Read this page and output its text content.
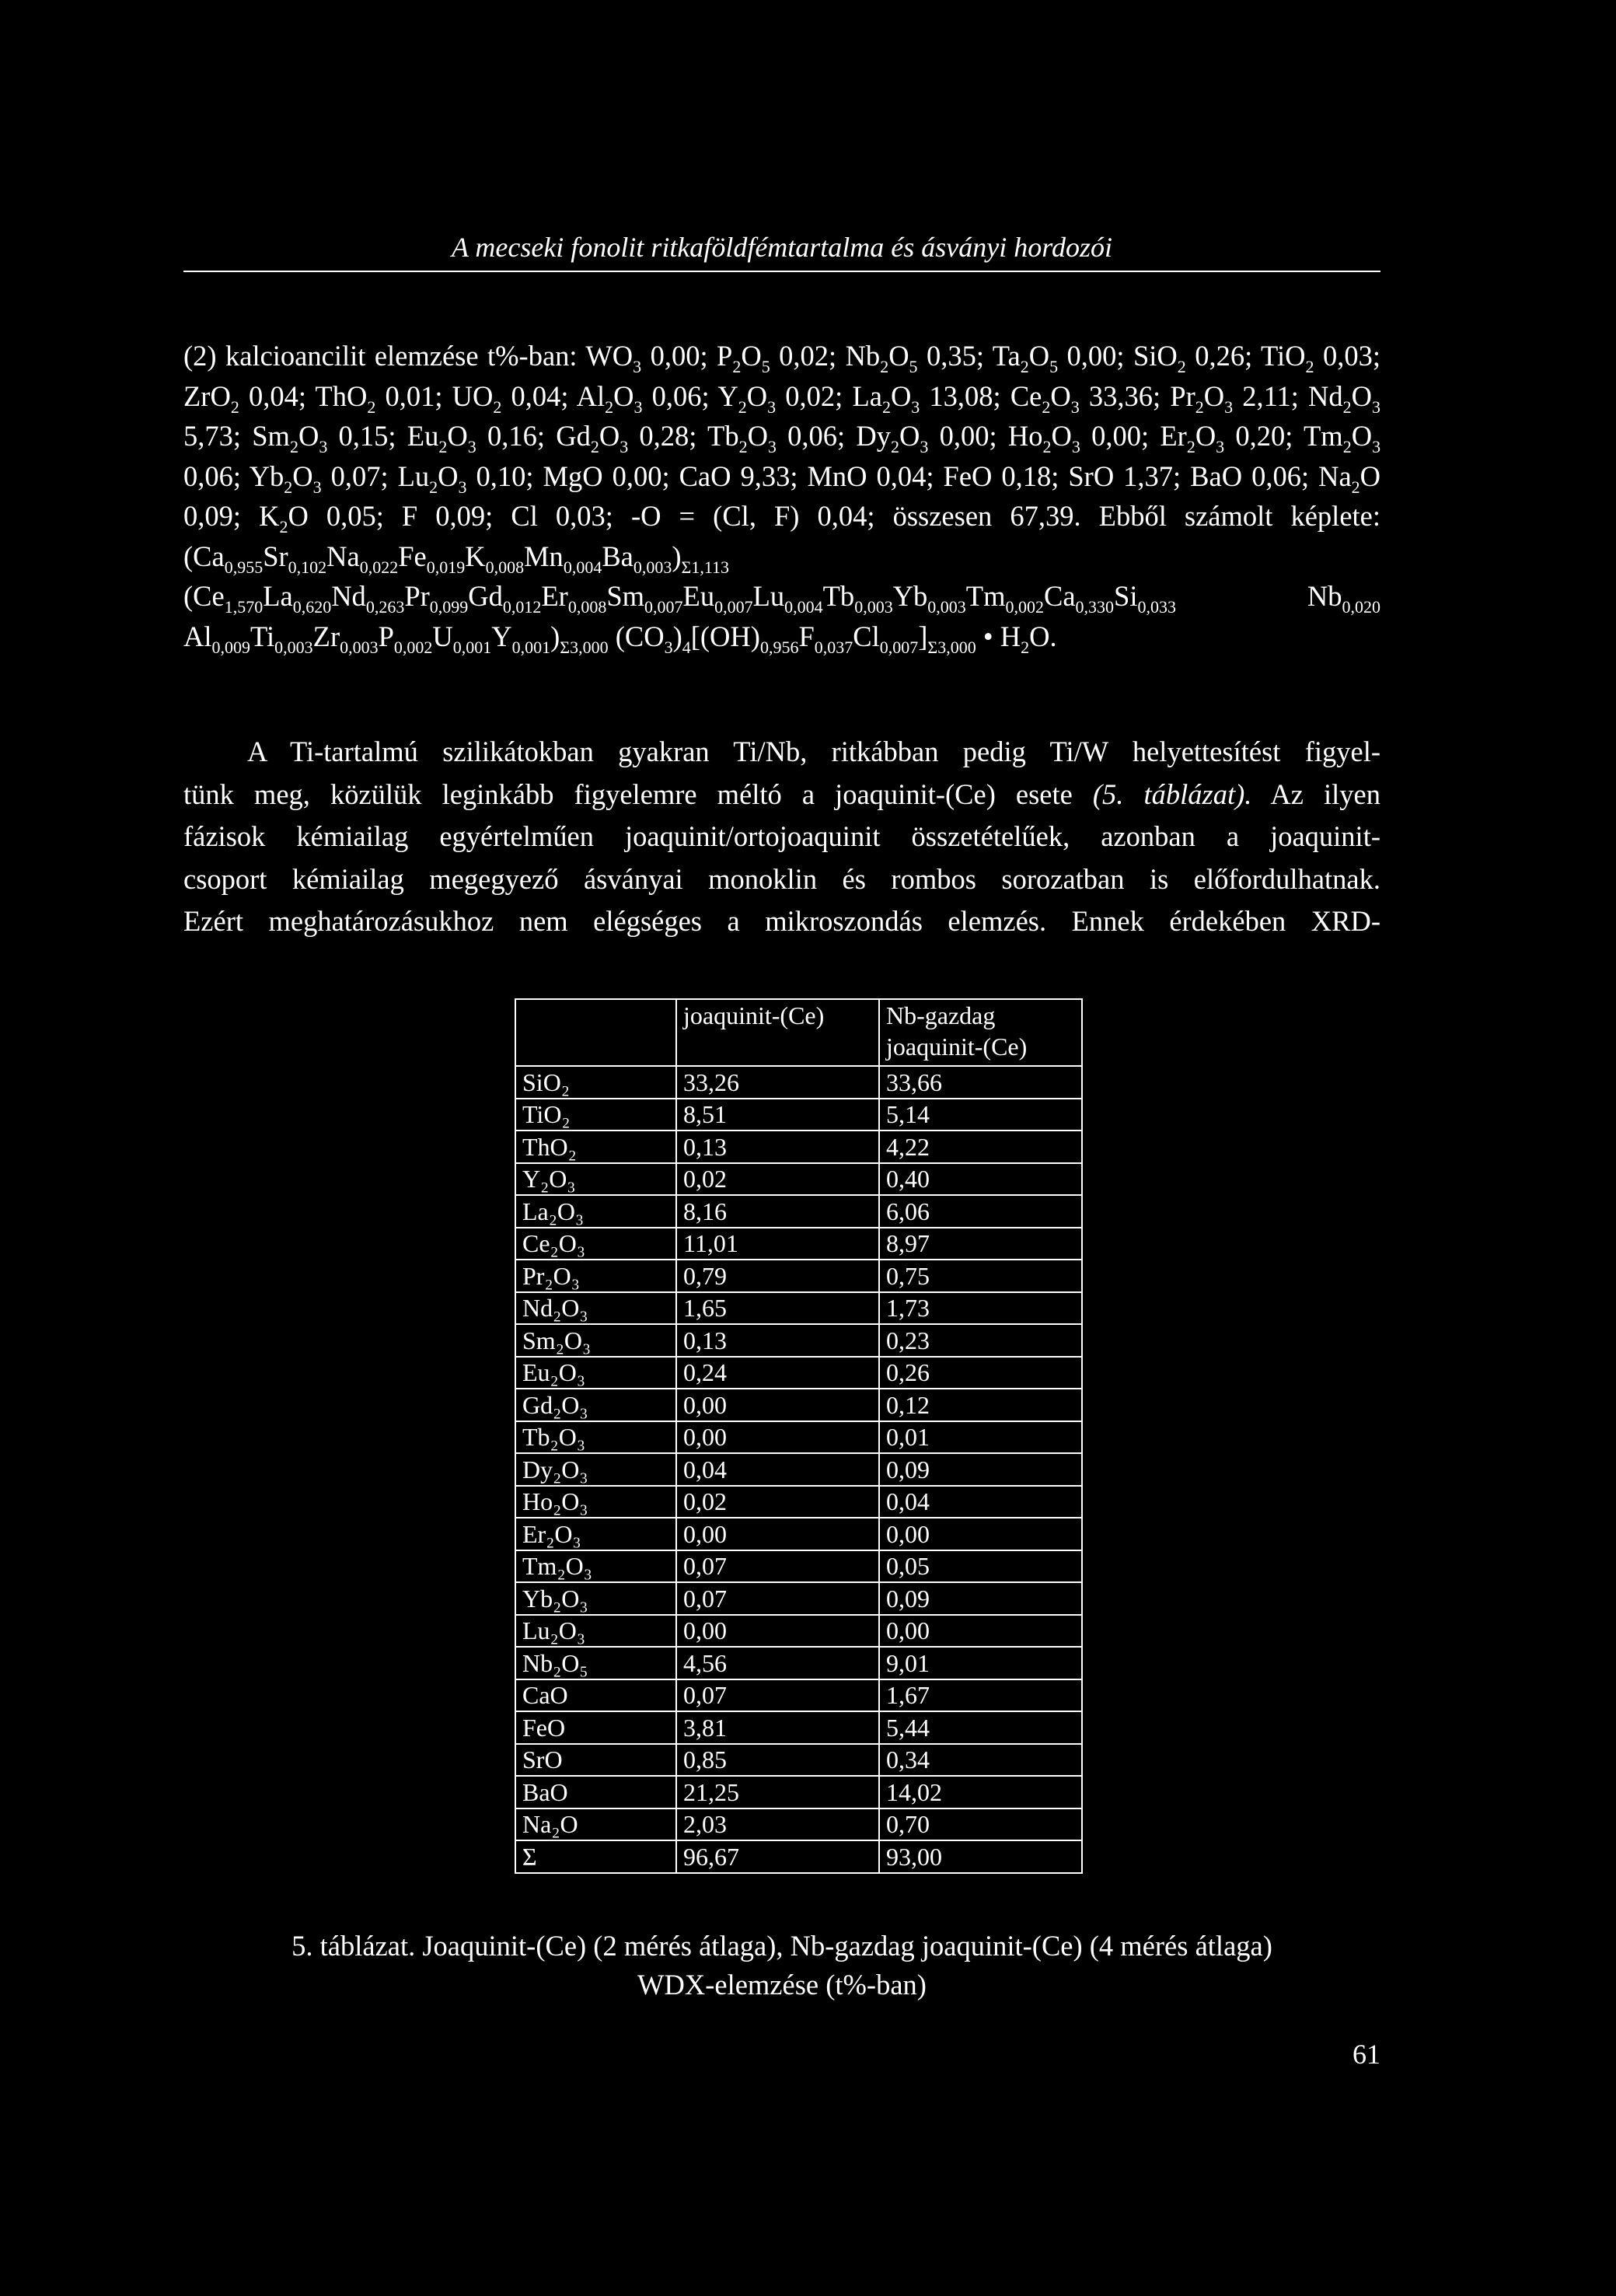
A mecseki fonolit ritkaföldfémtartalma és ásványi hordozói
(2) kalcioancilit elemzése t%-ban: $WO_3$ 0,00; $P_2O_5$ 0,02; $Nb_2O_5$ 0,35; $Ta_2O_5$ 0,00; SiO$_2$ 0,26; TiO$_2$ 0,03; ZrO$_2$ 0,04; ThO$_2$ 0,01; $UO_2$ 0,04; $Al_2O_3$ 0,06; $Y_2O_3$ 0,02; $La_2O_3$ 13,08; $Ce_2O_3$ 33,36; $Pr_2O_3$ 2,11; $Nd_2O_3$ 5,73; $Sm_2O_3$ 0,15; $Eu_2O_3$ 0,16; $Gd_2O_3$ 0,28; $Tb_2O_3$ 0,06; $Dy_2O_3$ 0,00; $Ho_2O_3$ 0,00; $Er_2O_3$ 0,20; $Tm_2O_3$ 0,06; $Yb_2O_3$ 0,07; $Lu_2O_3$ 0,10; MgO 0,00; CaO 9,33; MnO 0,04; FeO 0,18; SrO 1,37; BaO 0,06; $Na_2O$ 0,09; $K_2O$ 0,05; F 0,09; Cl 0,03; -O = (Cl, F) 0,04; összesen 67,39. Ebből számolt képlete: $(Ca_{0,955}Sr_{0,102}Na_{0,022}Fe_{0,019}K_{0,008}Mn_{0,004}Ba_{0,003})_{\Sigma 1,113}$ ($Ce_{1,570}La_{0,620}Nd_{0,263}Pr_{0,099}Gd_{0,012}Er_{0,008}Sm_{0,007}Eu_{0,007}Lu_{0,004}Tb_{0,003}Yb_{0,003}Tm_{0,002}Ca_{0,330}Si_{0,033}$ $Nb_{0,020}$ $Al_{0,009}Ti_{0,003}Zr_{0,003}P_{0,002}U_{0,001}Y_{0,001})_{\Sigma 3,000}$ $(CO_3)_4[(OH)_{0,956}F_{0,037}Cl_{0,007}]_{\Sigma 3,000}$ • $H_2O$.
A Ti-tartalmú szilikátokban gyakran Ti/Nb, ritkábban pedig Ti/W helyettesítést figyel-
tünk meg, közülük leginkább figyelemre méltó a joaquinit-(Ce) esete (5. táblázat). Az ilyen
fázisok kémiailag egyértelműen joaquinit/ortojoaquinit összetételűek, azonban a joaquinit-
csoport kémiailag megegyező ásványai monoklin és rombos sorozatban is előfordulhatnak.
Ezért meghatározásukhoz nem elégséges a mikroszondás elemzés. Ennek érdekében XRD-
	joaquinit-(Ce)	Nb-gazdag joaquinit-(Ce)
SiO₂	33,26	33,66
TiO₂	8,51	5,14
ThO₂	0,13	4,22
Y₂O₃	0,02	0,40
La₂O₃	8,16	6,06
Ce₂O₃	11,01	8,97
Pr₂O₃	0,79	0,75
Nd₂O₃	1,65	1,73
Sm₂O₃	0,13	0,23
Eu₂O₃	0,24	0,26
Gd₂O₃	0,00	0,12
Tb₂O₃	0,00	0,01
Dy₂O₃	0,04	0,09
Ho₂O₃	0,02	0,04
Er₂O₃	0,00	0,00
Tm₂O₃	0,07	0,05
Yb₂O₃	0,07	0,09
Lu₂O₃	0,00	0,00
Nb₂O₅	4,56	9,01
CaO	0,07	1,67
FeO	3,81	5,44
SrO	0,85	0,34
BaO	21,25	14,02
Na₂O	2,03	0,70
Σ	96,67	93,00
5. táblázat. Joaquinit-(Ce) (2 mérés átlaga), Nb-gazdag joaquinit-(Ce) (4 mérés átlaga)
WDX-elemzése (t%-ban)
61
